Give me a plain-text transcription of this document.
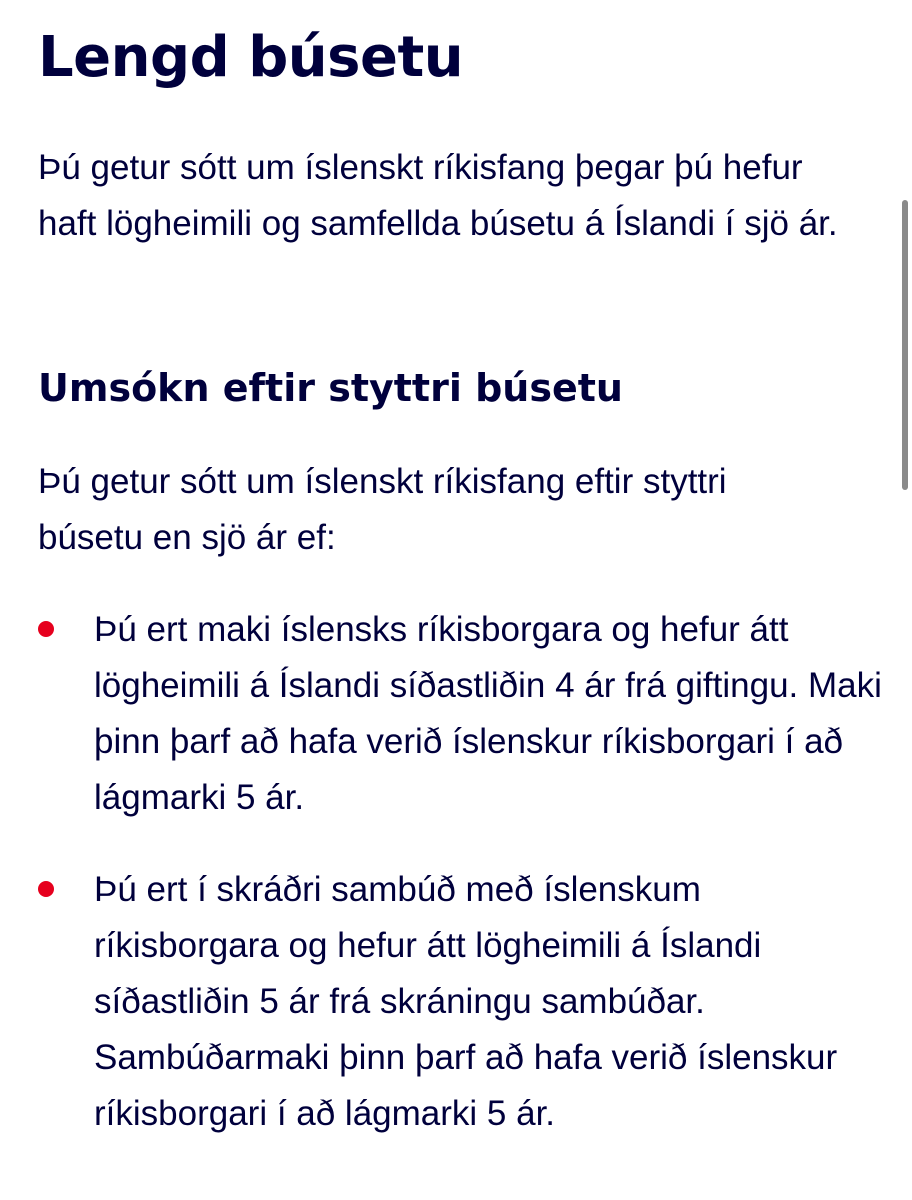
Lengd búsetu

Þú getur sótt um íslenskt ríkisfang þegar þú hefur haft lögheimili og samfellda búsetu á Íslandi í sjö ár.

Umsókn eftir styttri búsetu

Þú getur sótt um íslenskt ríkisfang eftir styttri búsetu en sjö ár ef:

Þú ert maki íslensks ríkisborgara og hefur átt lögheimili á Íslandi síðastliðin 4 ár frá giftingu. Maki þinn þarf að hafa verið íslenskur ríkisborgari í að lágmarki 5 ár.
Þú ert í skráðri sambúð með íslenskum ríkisborgara og hefur átt lögheimili á Íslandi síðastliðin 5 ár frá skráningu sambúðar. Sambúðarmaki þinn þarf að hafa verið íslenskur ríkisborgari í að lágmarki 5 ár.
